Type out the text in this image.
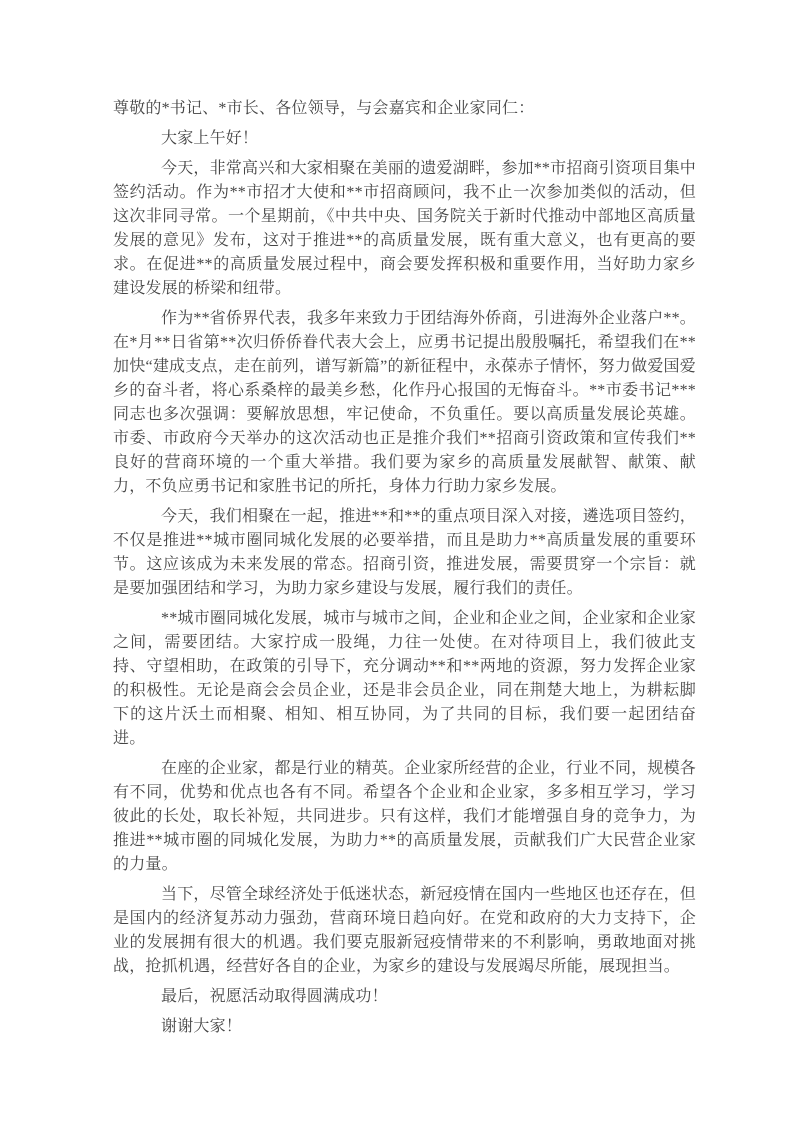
尊敬的*书记、*市长、各位领导，与会嘉宾和企业家同仁：

大家上午好！

今天，非常高兴和大家相聚在美丽的遗爱湖畔，参加**市招商引资项目集中签约活动。作为**市招才大使和**市招商顾问，我不止一次参加类似的活动，但这次非同寻常。一个星期前，《中共中央、国务院关于新时代推动中部地区高质量发展的意见》发布，这对于推进**的高质量发展，既有重大意义，也有更高的要求。在促进**的高质量发展过程中，商会要发挥积极和重要作用，当好助力家乡建设发展的桥梁和纽带。

作为**省侨界代表，我多年来致力于团结海外侨商，引进海外企业落户**。在*月**日省第**次归侨侨眷代表大会上，应勇书记提出殷殷嘱托，希望我们在**加快“建成支点，走在前列，谱写新篇”的新征程中，永葆赤子情怀，努力做爱国爱乡的奋斗者，将心系桑梓的最美乡愁，化作丹心报国的无悔奋斗。**市委书记***同志也多次强调：要解放思想，牢记使命，不负重任。要以高质量发展论英雄。市委、市政府今天举办的这次活动也正是推介我们**招商引资政策和宣传我们**良好的营商环境的一个重大举措。我们要为家乡的高质量发展献智、献策、献力，不负应勇书记和家胜书记的所托，身体力行助力家乡发展。

今天，我们相聚在一起，推进**和**的重点项目深入对接，遴选项目签约，不仅是推进**城市圈同城化发展的必要举措，而且是助力**高质量发展的重要环节。这应该成为未来发展的常态。招商引资，推进发展，需要贯穿一个宗旨：就是要加强团结和学习，为助力家乡建设与发展，履行我们的责任。

**城市圈同城化发展，城市与城市之间，企业和企业之间，企业家和企业家之间，需要团结。大家拧成一股绳，力往一处使。在对待项目上，我们彼此支持、守望相助，在政策的引导下，充分调动**和**两地的资源，努力发挥企业家的积极性。无论是商会会员企业，还是非会员企业，同在荆楚大地上，为耕耘脚下的这片沃土而相聚、相知、相互协同，为了共同的目标，我们要一起团结奋进。

在座的企业家，都是行业的精英。企业家所经营的企业，行业不同，规模各有不同，优势和优点也各有不同。希望各个企业和企业家，多多相互学习，学习彼此的长处，取长补短，共同进步。只有这样，我们才能增强自身的竞争力，为推进**城市圈的同城化发展，为助力**的高质量发展，贡献我们广大民营企业家的力量。

当下，尽管全球经济处于低迷状态，新冠疫情在国内一些地区也还存在，但是国内的经济复苏动力强劲，营商环境日趋向好。在党和政府的大力支持下，企业的发展拥有很大的机遇。我们要克服新冠疫情带来的不利影响，勇敢地面对挑战，抢抓机遇，经营好各自的企业，为家乡的建设与发展竭尽所能，展现担当。

最后，祝愿活动取得圆满成功！

谢谢大家！
